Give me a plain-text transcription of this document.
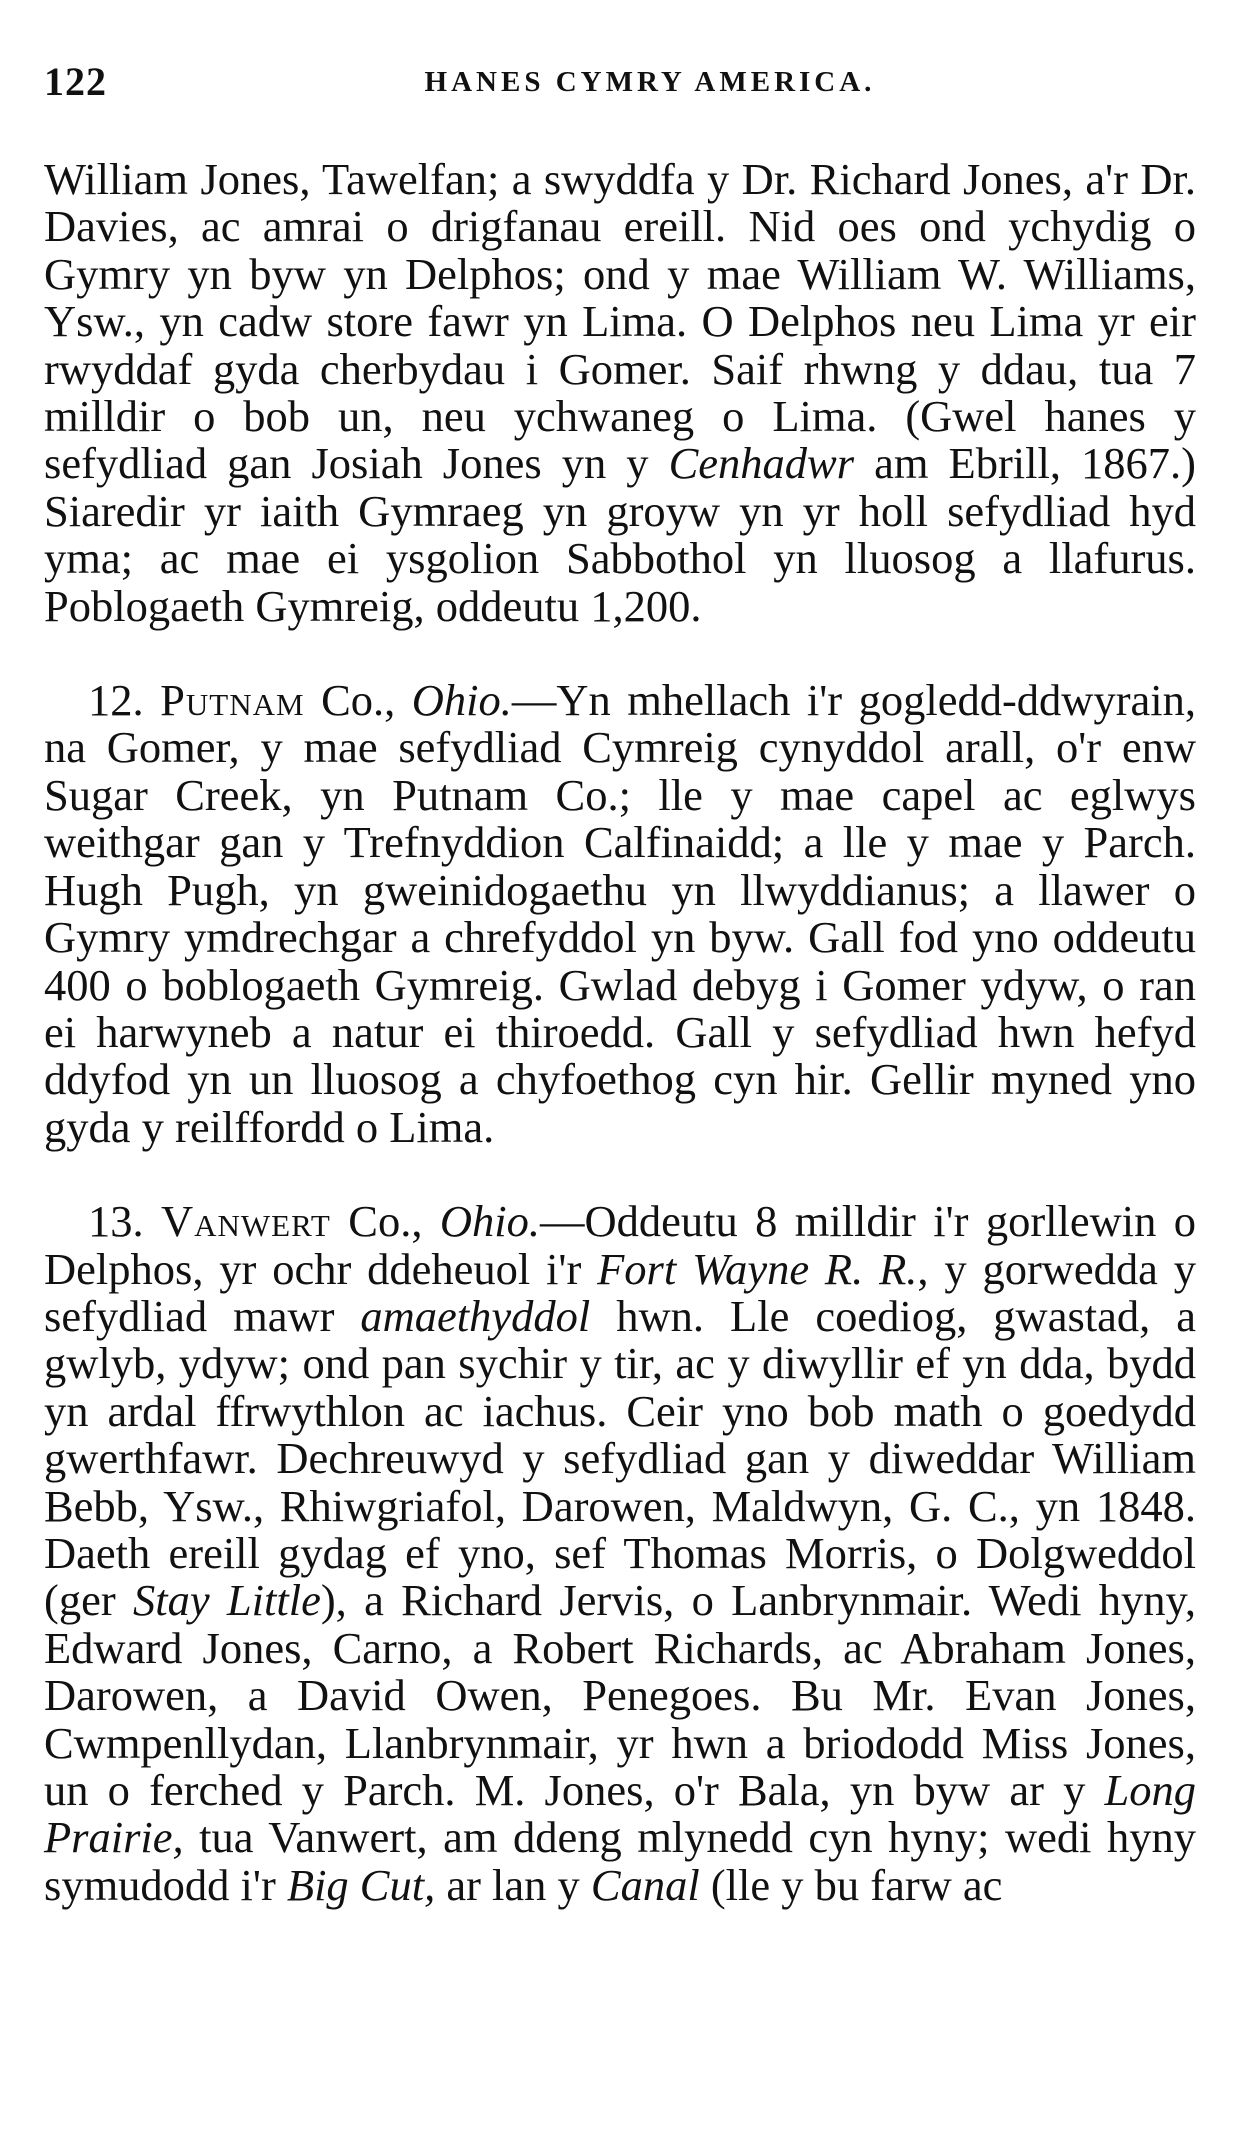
122	HANES CYMRY AMERICA.

William Jones, Tawelfan; a swyddfa y Dr. Richard Jones, a'r Dr. Davies, ac amrai o drigfanau ereill. Nid oes ond ychydig o Gymry yn byw yn Delphos; ond y mae William W. Williams, Ysw., yn cadw store fawr yn Lima. O Delphos neu Lima yr eir rwyddaf gyda cherbydau i Gomer. Saif rhwng y ddau, tua 7 milldir o bob un, neu ychwaneg o Lima. (Gwel hanes y sefydliad gan Josiah Jones yn y Cenhadwr am Ebrill, 1867.) Siaredir yr iaith Gymraeg yn groyw yn yr holl sefydliad hyd yma; ac mae ei ysgolion Sabbothol yn lluosog a llafurus. Poblogaeth Gymreig, oddeutu 1,200.

12. Putnam Co., Ohio.—Yn mhellach i'r gogledd-ddwyrain, na Gomer, y mae sefydliad Cymreig cynyddol arall, o'r enw Sugar Creek, yn Putnam Co.; lle y mae capel ac eglwys weithgar gan y Trefnyddion Calfinaidd; a lle y mae y Parch. Hugh Pugh, yn gweinidogaethu yn llwyddianus; a llawer o Gymry ymdrechgar a chrefyddol yn byw. Gall fod yno oddeutu 400 o boblogaeth Gymreig. Gwlad debyg i Gomer ydyw, o ran ei harwyneb a natur ei thiroedd. Gall y sefydliad hwn hefyd ddyfod yn un lluosog a chyfoethog cyn hir. Gellir myned yno gyda y reilffordd o Lima.

13. Vanwert Co., Ohio.—Oddeutu 8 milldir i'r gorllewin o Delphos, yr ochr ddeheuol i'r Fort Wayne R. R., y gorwedda y sefydliad mawr amaethyddol hwn. Lle coediog, gwastad, a gwlyb, ydyw; ond pan sychir y tir, ac y diwyllir ef yn dda, bydd yn ardal ffrwythlon ac iachus. Ceir yno bob math o goedydd gwerthfawr. Dechreuwyd y sefydliad gan y diweddar William Bebb, Ysw., Rhiwgriafol, Darowen, Maldwyn, G. C., yn 1848. Daeth ereill gydag ef yno, sef Thomas Morris, o Dolgweddol (ger Stay Little), a Richard Jervis, o Lanbrynmair. Wedi hyny, Edward Jones, Carno, a Robert Richards, ac Abraham Jones, Darowen, a David Owen, Penegoes. Bu Mr. Evan Jones, Cwmpenllydan, Llanbrynmair, yr hwn a briododd Miss Jones, un o ferched y Parch. M. Jones, o'r Bala, yn byw ar y Long Prairie, tua Vanwert, am ddeng mlynedd cyn hyny; wedi hyny symudodd i'r Big Cut, ar lan y Canal (lle y bu farw ac
